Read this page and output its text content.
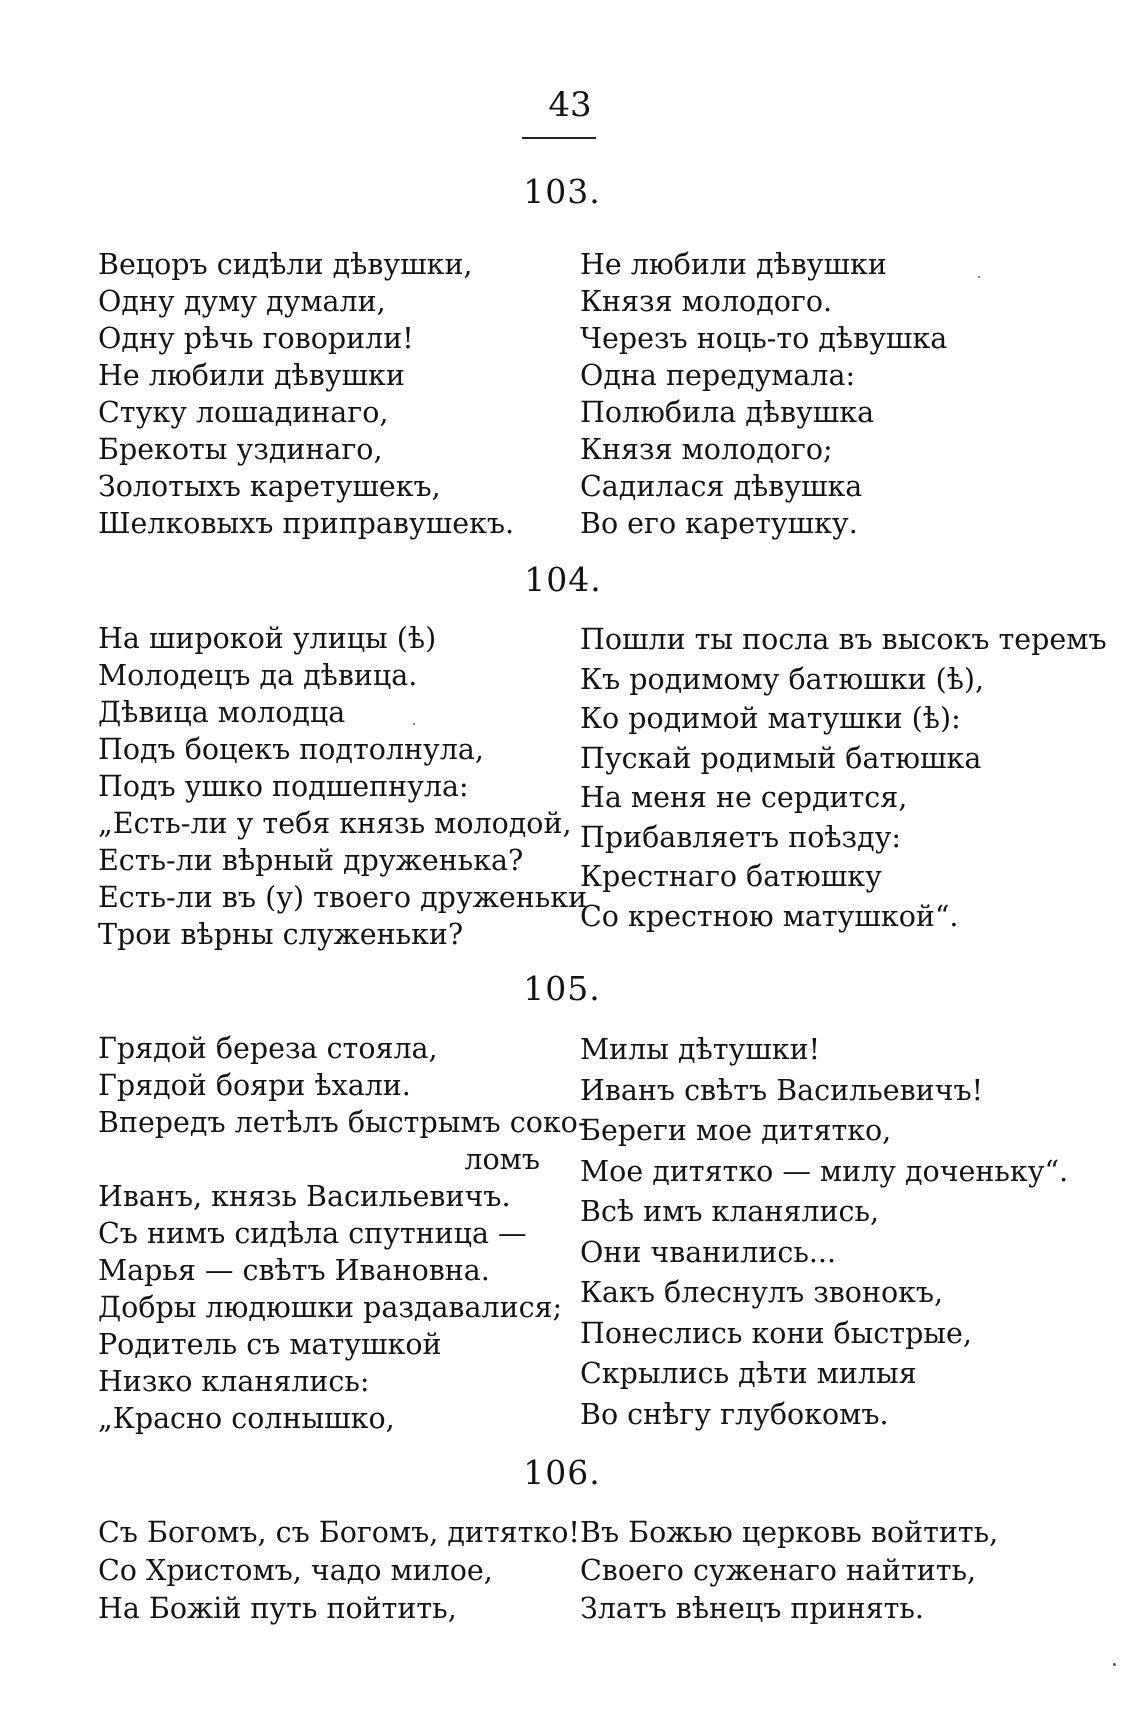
43
103.
Вецоръ сидѣли дѣвушки,
Одну думу думали,
Одну рѣчь говорили!
Не любили дѣвушки
Стуку лошадинаго,
Брекоты уздинаго,
Золотыхъ каретушекъ,
Шелковыхъ приправушекъ.
Не любили дѣвушки
Князя молодого.
Черезъ ноць-то дѣвушка
Одна передумала:
Полюбила дѣвушка
Князя молодого;
Садилася дѣвушка
Во его каретушку.
104.
На широкой улицы (ѣ)
Молодецъ да дѣвица.
Дѣвица молодца
Подъ боцекъ подтолнула,
Подъ ушко подшепнула:
„Есть-ли у тебя князь молодой,
Есть-ли вѣрный друженька?
Есть-ли въ (у) твоего друженьки
Трои вѣрны служеньки?
Пошли ты посла въ высокъ теремъ
Къ родимому батюшки (ѣ),
Ко родимой матушки (ѣ):
Пускай родимый батюшка
На меня не сердится,
Прибавляетъ поѣзду:
Крестнаго батюшку
Со крестною матушкой“.
105.
Грядой береза стояла,
Грядой бояри ѣхали.
Впередъ летѣлъ быстрымъ соко-
ломъ
Иванъ, князь Васильевичъ.
Съ нимъ сидѣла спутница —
Марья — свѣтъ Ивановна.
Добры людюшки раздавалися;
Родитель съ матушкой
Низко кланялись:
„Красно солнышко,
Милы дѣтушки!
Иванъ свѣтъ Васильевичъ!
Береги мое дитятко,
Мое дитятко — милу доченьку“.
Всѣ имъ кланялись,
Они чванились...
Какъ блеснулъ звонокъ,
Понеслись кони быстрые,
Скрылись дѣти милыя
Во снѣгу глубокомъ.
106.
Съ Богомъ, съ Богомъ, дитятко!
Со Христомъ, чадо милое,
На Божій путь пойтить,
Въ Божью церковь войтить,
Своего суженаго найтить,
Златъ вѣнецъ принять.
